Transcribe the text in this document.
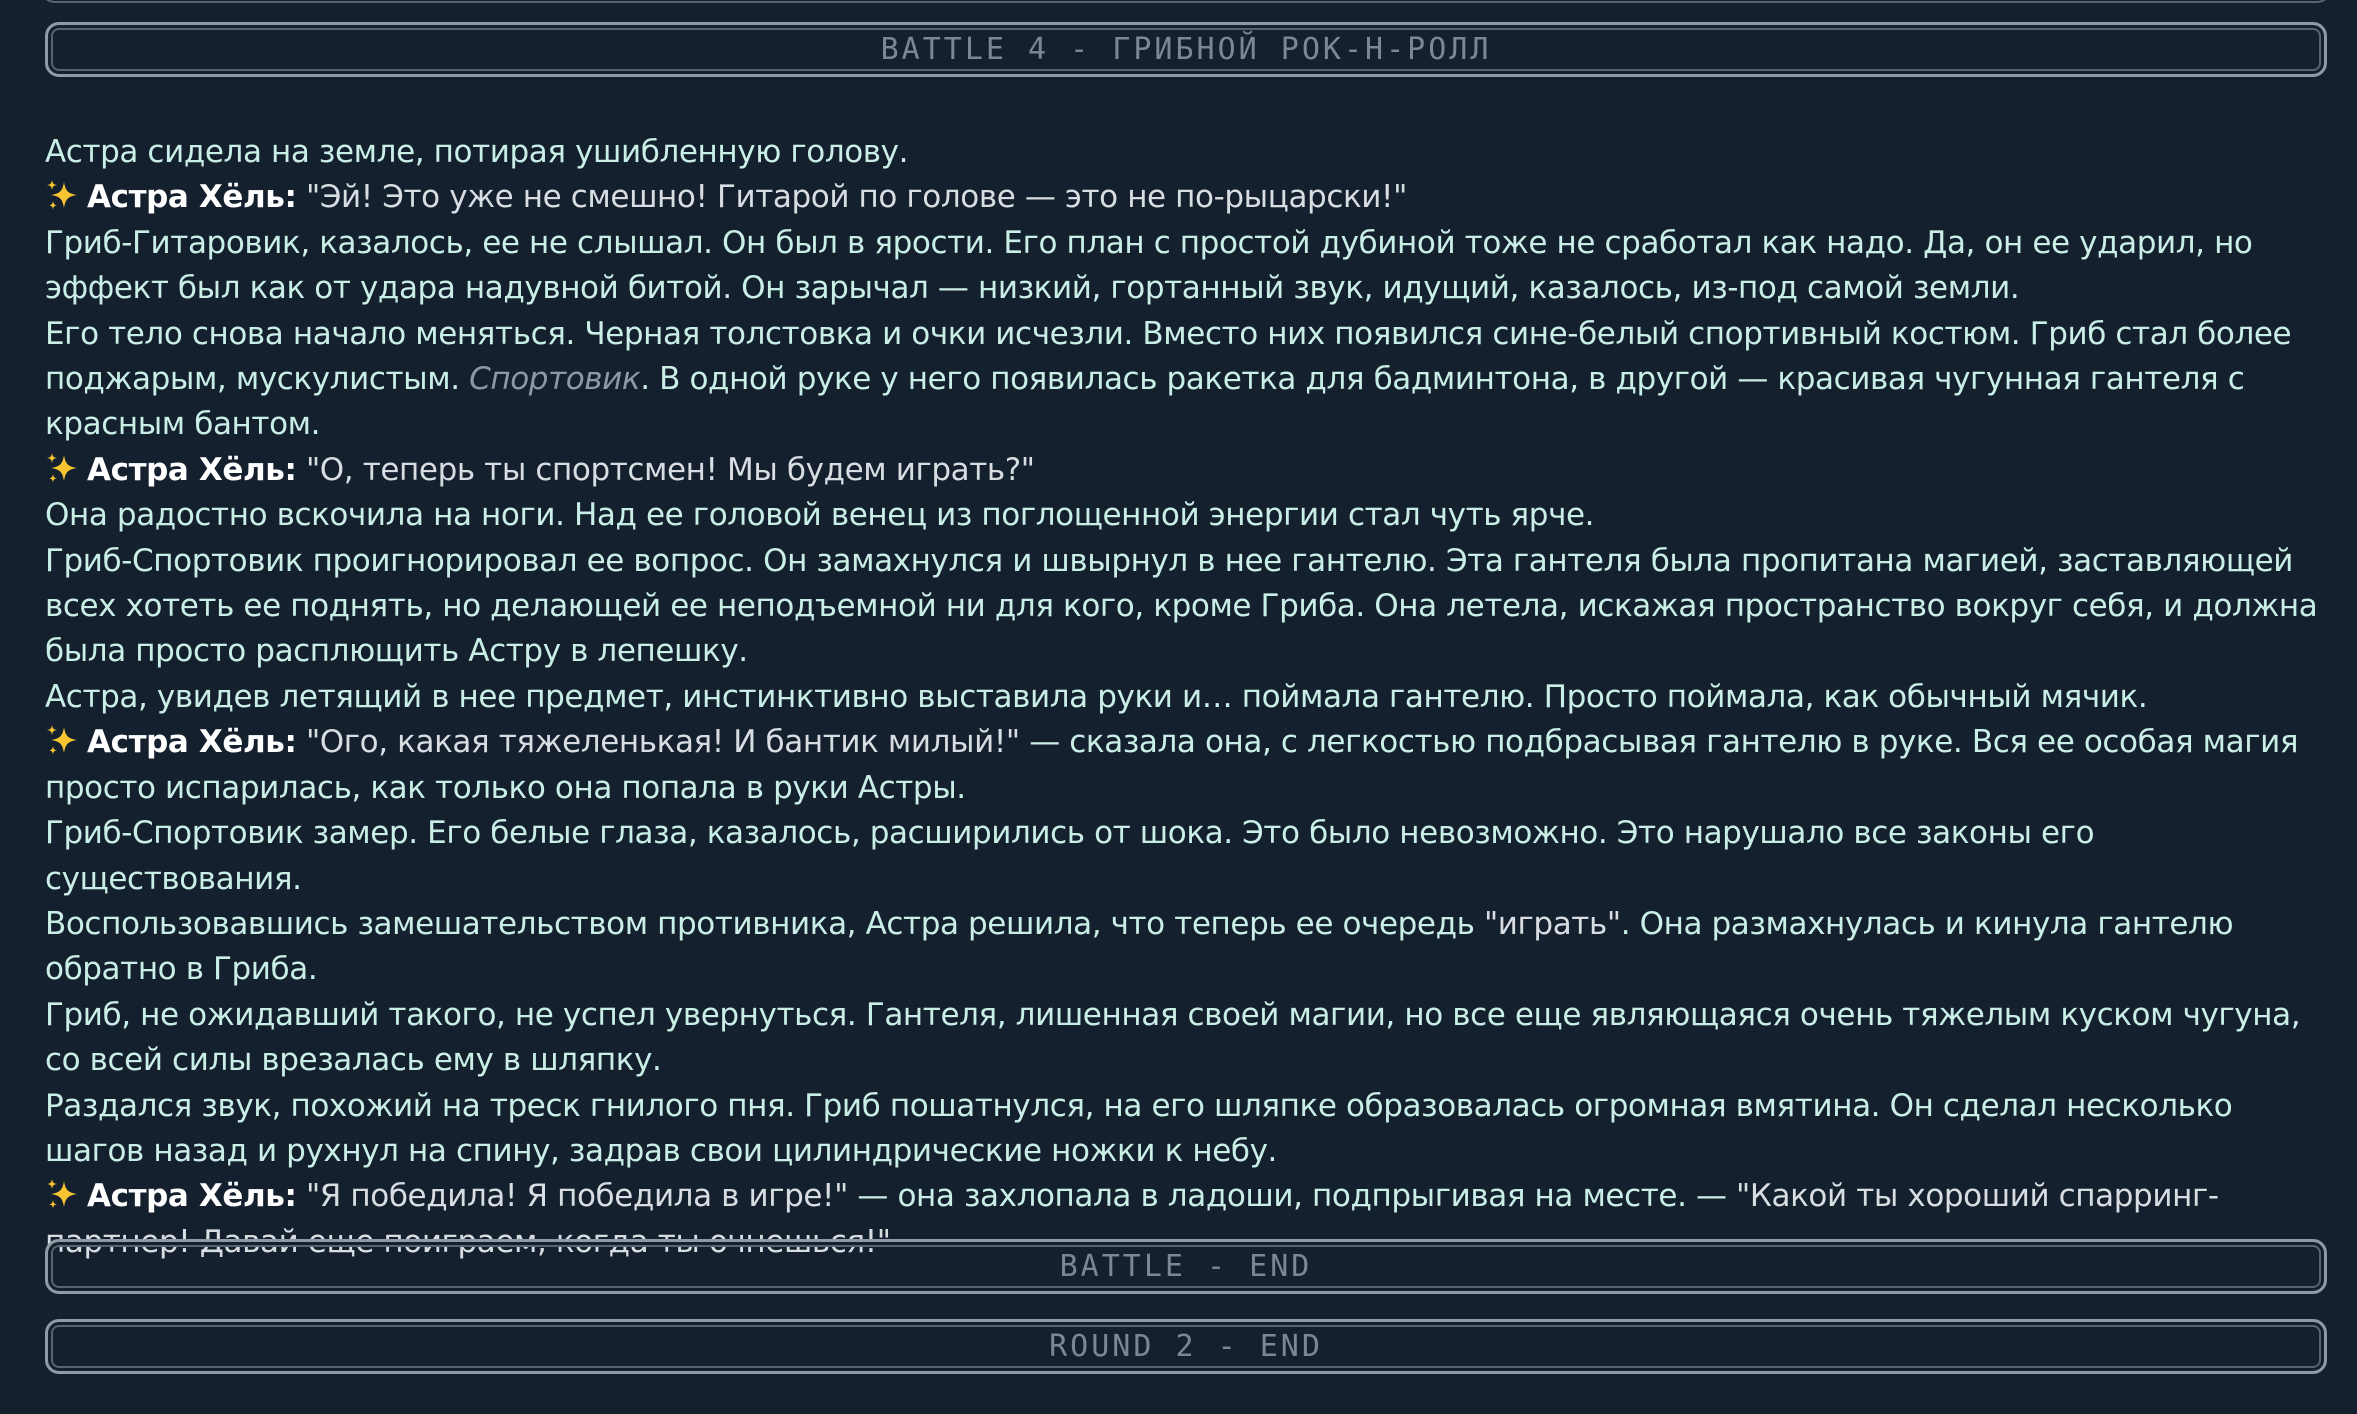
BATTLE 4 - ГРИБНОЙ РОК-Н-РОЛЛ

Астра сидела на земле, потирая ушибленную голову.

Астра Хёль: "Эй! Это уже не смешно! Гитарой по голове — это не по-рыцарски!"

Гриб-Гитаровик, казалось, ее не слышал. Он был в ярости. Его план с простой дубиной тоже не сработал как надо. Да, он ее ударил, но эффект был как от удара надувной битой. Он зарычал — низкий, гортанный звук, идущий, казалось, из-под самой земли.

Его тело снова начало меняться. Черная толстовка и очки исчезли. Вместо них появился сине-белый спортивный костюм. Гриб стал более поджарым, мускулистым. Спортовик. В одной руке у него появилась ракетка для бадминтона, в другой — красивая чугунная гантеля с красным бантом.

Астра Хёль: "О, теперь ты спортсмен! Мы будем играть?"

Она радостно вскочила на ноги. Над ее головой венец из поглощенной энергии стал чуть ярче.

Гриб-Спортовик проигнорировал ее вопрос. Он замахнулся и швырнул в нее гантелю. Эта гантеля была пропитана магией, заставляющей всех хотеть ее поднять, но делающей ее неподъемной ни для кого, кроме Гриба. Она летела, искажая пространство вокруг себя, и должна была просто расплющить Астру в лепешку.

Астра, увидев летящий в нее предмет, инстинктивно выставила руки и… поймала гантелю. Просто поймала, как обычный мячик.

Астра Хёль: "Ого, какая тяжеленькая! И бантик милый!" — сказала она, с легкостью подбрасывая гантелю в руке. Вся ее особая магия просто испарилась, как только она попала в руки Астры.

Гриб-Спортовик замер. Его белые глаза, казалось, расширились от шока. Это было невозможно. Это нарушало все законы его существования.

Воспользовавшись замешательством противника, Астра решила, что теперь ее очередь "играть". Она размахнулась и кинула гантелю обратно в Гриба.

Гриб, не ожидавший такого, не успел увернуться. Гантеля, лишенная своей магии, но все еще являющаяся очень тяжелым куском чугуна, со всей силы врезалась ему в шляпку.

Раздался звук, похожий на треск гнилого пня. Гриб пошатнулся, на его шляпке образовалась огромная вмятина. Он сделал несколько шагов назад и рухнул на спину, задрав свои цилиндрические ножки к небу.

Астра Хёль: "Я победила! Я победила в игре!" — она захлопала в ладоши, подпрыгивая на месте. — "Какой ты хороший спарринг-партнер! Давай еще поиграем, когда ты очнешься!"

BATTLE - END
ROUND 2 - END
